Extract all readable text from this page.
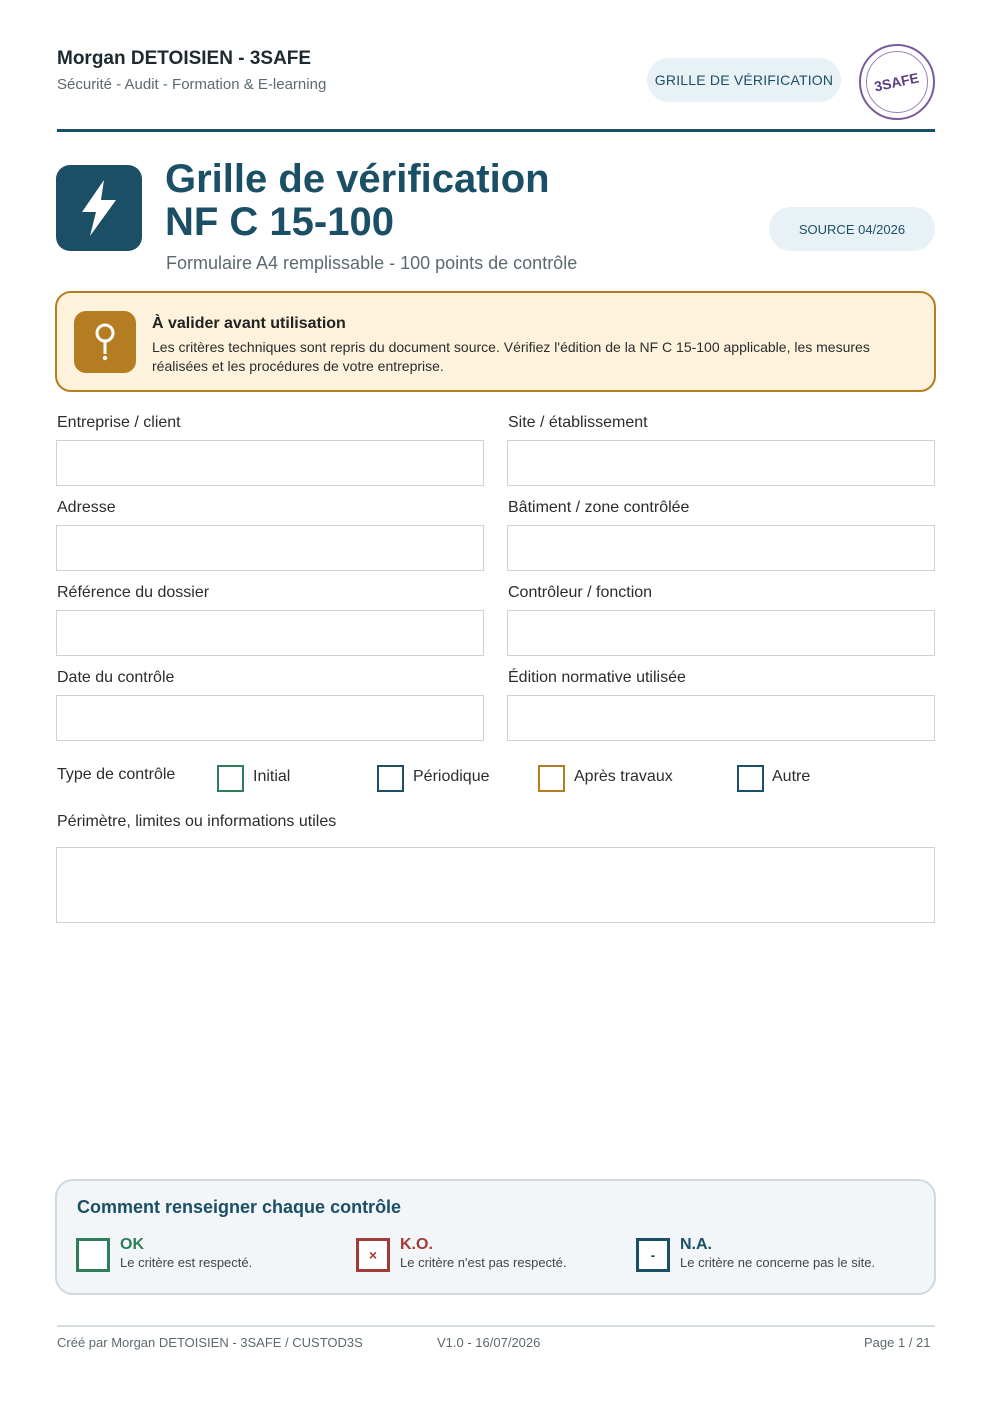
Morgan DETOISIEN - 3SAFE
Sécurité - Audit - Formation & E-learning	GRILLE DE VÉRIFICATION	3SAFE
Grille de vérification
NF C 15-100
Formulaire A4 remplissable - 100 points de contrôle
SOURCE 04/2026
À valider avant utilisation
Les critères techniques sont repris du document source. Vérifiez l'édition de la NF C 15-100 applicable, les mesures réalisées et les procédures de votre entreprise.
Entreprise / client	Site / établissement
Adresse	Bâtiment / zone contrôlée
Référence du dossier	Contrôleur / fonction
Date du contrôle	Édition normative utilisée
Type de contrôle	Initial	Périodique	Après travaux	Autre
Périmètre, limites ou informations utiles
Comment renseigner chaque contrôle
OK
Le critère est respecté.	×
K.O.
Le critère n'est pas respecté.	-
N.A.
Le critère ne concerne pas le site.
Créé par Morgan DETOISIEN - 3SAFE / CUSTOD3S	V1.0 - 16/07/2026	Page 1 / 21
